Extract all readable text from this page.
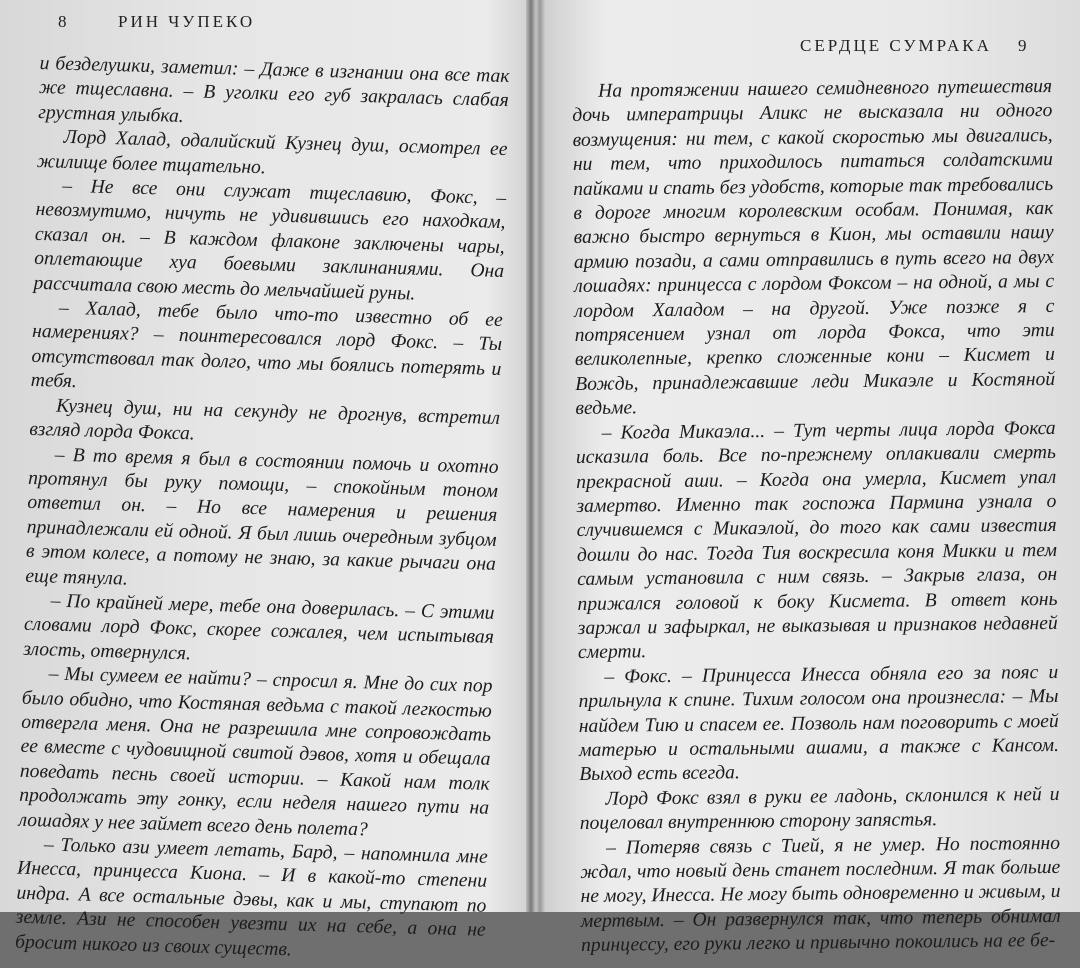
8	РИН ЧУПЕКО

и безделушки, заметил: – Даже в изгнании она все так же тщеславна. – В уголки его губ закралась слабая грустная улыбка.

Лорд Халад, одалийский Кузнец душ, осмотрел ее жилище более тщательно.

– Не все они служат тщеславию, Фокс, – невозмутимо, ничуть не удивившись его находкам, сказал он. – В каждом флаконе заключены чары, оплетающие хуа боевыми заклинаниями. Она рассчитала свою месть до мельчайшей руны.

– Халад, тебе было что-то известно об ее намерениях? – поинтересовался лорд Фокс. – Ты отсутствовал так долго, что мы боялись потерять и тебя.

Кузнец душ, ни на секунду не дрогнув, встретил взгляд лорда Фокса.

– В то время я был в состоянии помочь и охотно протянул бы руку помощи, – спокойным тоном ответил он. – Но все намерения и решения принадлежали ей одной. Я был лишь очередным зубцом в этом колесе, а потому не знаю, за какие рычаги она еще тянула.

– По крайней мере, тебе она доверилась. – С этими словами лорд Фокс, скорее сожалея, чем испытывая злость, отвернулся.

– Мы сумеем ее найти? – спросил я. Мне до сих пор было обидно, что Костяная ведьма с такой легкостью отвергла меня. Она не разрешила мне сопровождать ее вместе с чудовищной свитой дэвов, хотя и обещала поведать песнь своей истории. – Какой нам толк продолжать эту гонку, если неделя нашего пути на лошадях у нее займет всего день полета?

– Только ази умеет летать, Бард, – напомнила мне Инесса, принцесса Киона. – И в какой-то степени индра. А все остальные дэвы, как и мы, ступают по земле. Ази не способен увезти их на себе, а она не бросит никого из своих существ.

СЕРДЦЕ СУМРАКА 9

На протяжении нашего семидневного путешествия дочь императрицы Аликс не высказала ни одного возмущения: ни тем, с какой скоростью мы двигались, ни тем, что приходилось питаться солдатскими пайками и спать без удобств, которые так требовались в дороге многим королевским особам. Понимая, как важно быстро вернуться в Кион, мы оставили нашу армию позади, а сами отправились в путь всего на двух лошадях: принцесса с лордом Фоксом – на одной, а мы с лордом Халадом – на другой. Уже позже я с потрясением узнал от лорда Фокса, что эти великолепные, крепко сложенные кони – Кисмет и Вождь, принадлежавшие леди Микаэле и Костяной ведьме.

– Когда Микаэла... – Тут черты лица лорда Фокса исказила боль. Все по-прежнему оплакивали смерть прекрасной аши. – Когда она умерла, Кисмет упал замертво. Именно так госпожа Пармина узнала о случившемся с Микаэлой, до того как сами известия дошли до нас. Тогда Тия воскресила коня Микки и тем самым установила с ним связь. – Закрыв глаза, он прижался головой к боку Кисмета. В ответ конь заржал и зафыркал, не выказывая и признаков недавней смерти.

– Фокс. – Принцесса Инесса обняла его за пояс и прильнула к спине. Тихим голосом она произнесла: – Мы найдем Тию и спасем ее. Позволь нам поговорить с моей матерью и остальными ашами, а также с Кансом. Выход есть всегда.

Лорд Фокс взял в руки ее ладонь, склонился к ней и поцеловал внутреннюю сторону запястья.

– Потеряв связь с Тией, я не умер. Но постоянно ждал, что новый день станет последним. Я так больше не могу, Инесса. Не могу быть одновременно и живым, и мертвым. – Он развернулся так, что теперь обнимал принцессу, его руки легко и привычно покоились на ее бе-
